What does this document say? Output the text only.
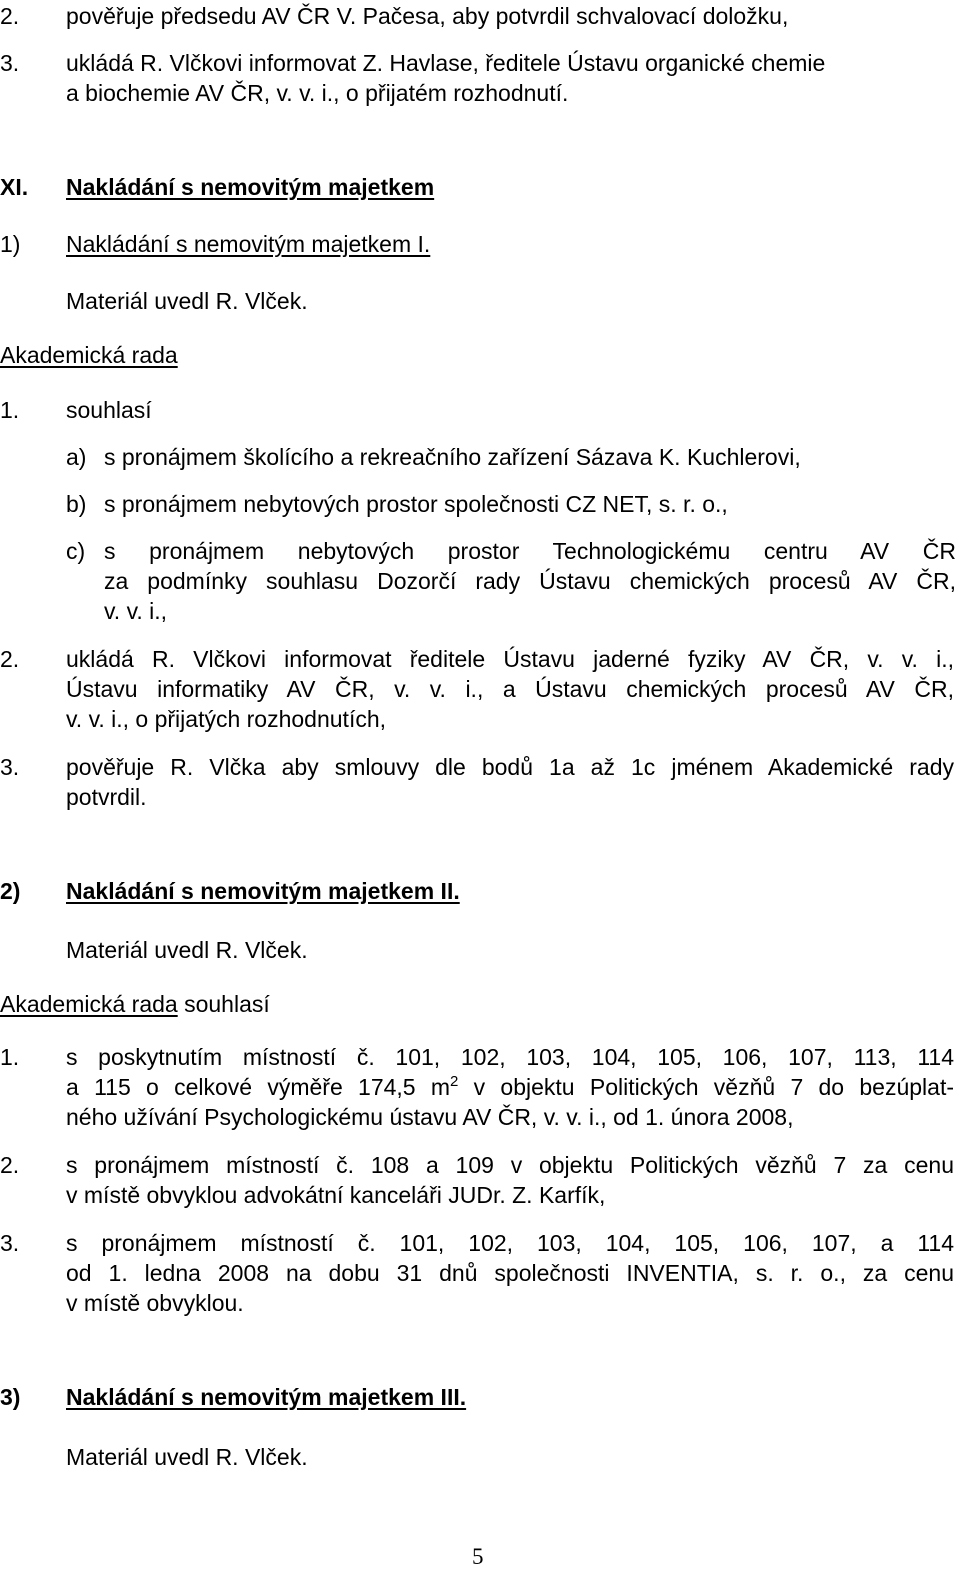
2. pověřuje předsedu AV ČR V. Pačesa, aby potvrdil schvalovací doložku,
3. ukládá R. Vlčkovi informovat Z. Havlase, ředitele Ústavu organické chemie
a biochemie AV ČR, v. v. i., o přijatém rozhodnutí.
XI. Nakládání s nemovitým majetkem
1) Nakládání s nemovitým majetkem I.
Materiál uvedl R. Vlček.
Akademická rada
1. souhlasí
a) s pronájmem školícího a rekreačního zařízení Sázava K. Kuchlerovi,
b) s pronájmem nebytových prostor společnosti CZ NET, s. r. o.,
c) s pronájmem nebytových prostor Technologickému centru AV ČR
za podmínky souhlasu Dozorčí rady Ústavu chemických procesů AV ČR,
v. v. i.,
2. ukládá R. Vlčkovi informovat ředitele Ústavu jaderné fyziky AV ČR, v. v. i.,
Ústavu informatiky AV ČR, v. v. i., a Ústavu chemických procesů AV ČR,
v. v. i., o přijatých rozhodnutích,
3. pověřuje R. Vlčka aby smlouvy dle bodů 1a až 1c jménem Akademické rady
potvrdil.
2) Nakládání s nemovitým majetkem II.
Materiál uvedl R. Vlček.
Akademická rada souhlasí
1. s poskytnutím místností č. 101, 102, 103, 104, 105, 106, 107, 113, 114
a 115 o celkové výměře 174,5 $m^2$ v objektu Politických vězňů 7 do bezúplat-
ného užívání Psychologickému ústavu AV ČR, v. v. i., od 1. února 2008,
2. s pronájmem místností č. 108 a 109 v objektu Politických vězňů 7 za cenu
v místě obvyklou advokátní kanceláři JUDr. Z. Karfík,
3. s pronájmem místností č. 101, 102, 103, 104, 105, 106, 107, a 114
od 1. ledna 2008 na dobu 31 dnů společnosti INVENTIA, s. r. o., za cenu
v místě obvyklou.
3) Nakládání s nemovitým majetkem III.
Materiál uvedl R. Vlček.
5
